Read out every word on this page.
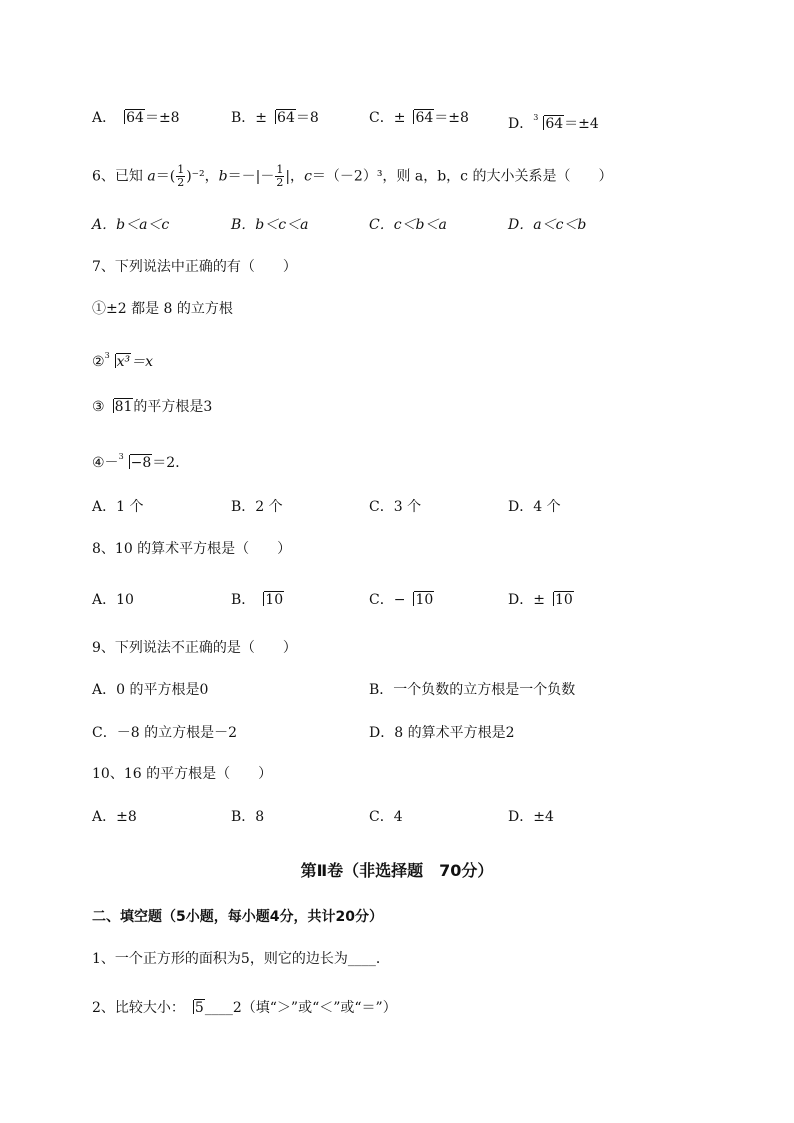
A． 64＝±8	B．± 64＝8	C．± 64＝±8	D．$^3$ 64＝±4
6、已知 $a=( \frac{1}{2} )^{-2}$，$b=-|- \frac{1}{2}$ |，c＝（－2）³，则 a，b，c 的大小关系是（　　）
A．b＜a＜c	B．b＜c＜a	C．c＜b＜a	D．a＜c＜b
7、下列说法中正确的有（　　）
①±2 都是 8 的立方根
②$^3$ x³＝x
③ 81的平方根是3
④－$^3$ −8＝2．
A．1 个	B．2 个	C．3 个	D．4 个
8、10 的算术平方根是（　　）
A．10	B． 10	C．− 10	D．± 10
9、下列说法不正确的是（　　）
A．0 的平方根是0	B．一个负数的立方根是一个负数
C．－8 的立方根是－2	D．8 的算术平方根是2
10、16 的平方根是（　　）
A．±8	B．8	C．4	D．±4
第Ⅱ卷（非选择题　70分）
二、填空题（5小题，每小题4分，共计20分）
1、一个正方形的面积为5，则它的边长为____．
2、比较大小： 5____2（填“＞”或“＜”或“＝”）
